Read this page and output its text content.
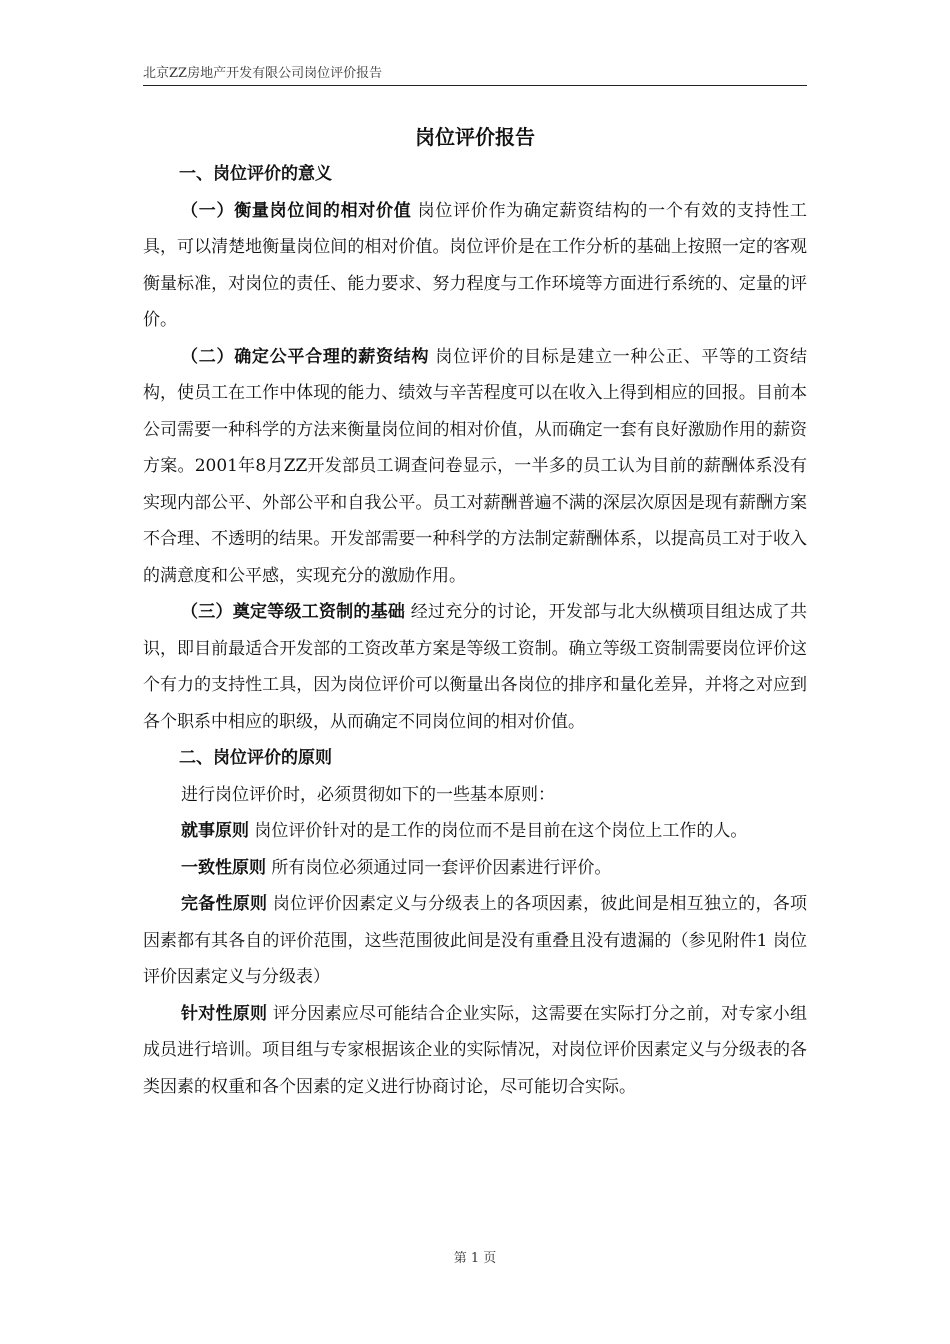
北京ZZ房地产开发有限公司岗位评价报告
岗位评价报告
一、岗位评价的意义

（一）衡量岗位间的相对价值 岗位评价作为确定薪资结构的一个有效的支持性工具，可以清楚地衡量岗位间的相对价值。岗位评价是在工作分析的基础上按照一定的客观衡量标准，对岗位的责任、能力要求、努力程度与工作环境等方面进行系统的、定量的评价。

（二）确定公平合理的薪资结构 岗位评价的目标是建立一种公正、平等的工资结构，使员工在工作中体现的能力、绩效与辛苦程度可以在收入上得到相应的回报。目前本公司需要一种科学的方法来衡量岗位间的相对价值，从而确定一套有良好激励作用的薪资方案。2001年8月ZZ开发部员工调查问卷显示，一半多的员工认为目前的薪酬体系没有实现内部公平、外部公平和自我公平。员工对薪酬普遍不满的深层次原因是现有薪酬方案不合理、不透明的结果。开发部需要一种科学的方法制定薪酬体系，以提高员工对于收入的满意度和公平感，实现充分的激励作用。

（三）奠定等级工资制的基础 经过充分的讨论，开发部与北大纵横项目组达成了共识，即目前最适合开发部的工资改革方案是等级工资制。确立等级工资制需要岗位评价这个有力的支持性工具，因为岗位评价可以衡量出各岗位的排序和量化差异，并将之对应到各个职系中相应的职级，从而确定不同岗位间的相对价值。

二、岗位评价的原则

进行岗位评价时，必须贯彻如下的一些基本原则：

就事原则 岗位评价针对的是工作的岗位而不是目前在这个岗位上工作的人。

一致性原则 所有岗位必须通过同一套评价因素进行评价。

完备性原则 岗位评价因素定义与分级表上的各项因素，彼此间是相互独立的，各项因素都有其各自的评价范围，这些范围彼此间是没有重叠且没有遗漏的（参见附件1 岗位评价因素定义与分级表）

针对性原则 评分因素应尽可能结合企业实际，这需要在实际打分之前，对专家小组成员进行培训。项目组与专家根据该企业的实际情况，对岗位评价因素定义与分级表的各类因素的权重和各个因素的定义进行协商讨论，尽可能切合实际。

第 1 页
